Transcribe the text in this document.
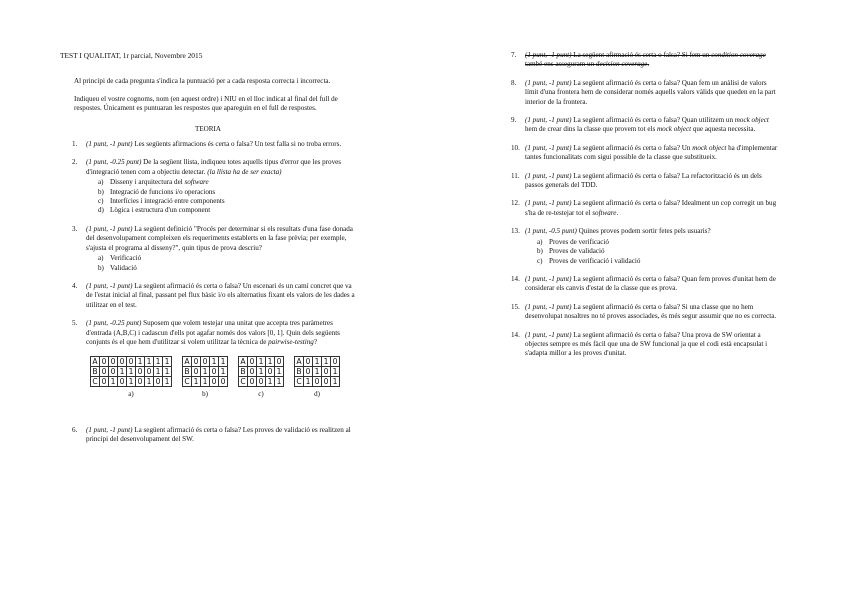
TEST I QUALITAT, 1r parcial, Novembre 2015
Al principi de cada pregunta s'indica la puntuació per a cada resposta correcta i incorrecta.
Indiqueu el vostre cognoms, nom (en aquest ordre) i NIU en el lloc indicat al final del full de respostes. Únicament es puntuaran les respostes que apareguin en el full de respostes.
TEORIA
1. (1 punt, -1 punt) Les següents afirmacions és certa o falsa? Un test falla si no troba errors.
2. (1 punt, -0.25 punt) De la següent llista, indiqueu totes aquells tipus d'error que les proves d'integració tenen com a objectiu detectar. (la llista ha de ser exacta)
a) Disseny i arquitectura del software
b) Integració de funcions i/o operacions
c) Interfícies i integració entre components
d) Lògica i estructura d'un component
3. (1 punt, -1 punt) La següent definició "Procés per determinar si els resultats d'una fase donada del desenvolupament compleixen els requeriments establerts en la fase prèvia; per exemple, s'ajusta el programa al disseny?", quin tipus de prova descriu?
a) Verificació
b) Validació
4. (1 punt, -1 punt) La següent afirmació és certa o falsa? Un escenari és un camí concret que va de l'estat inicial al final, passant pel flux bàsic i/o els alternatius fixant els valors de les dades a utilitzar en el test.
5. (1 punt, -0.25 punt) Suposem que volem testejar una unitat que accepta tres paràmetres d'entrada (A,B,C) i cadascun d'ells pot agafar només dos valors [0, 1]. Quin dels següents conjunts és el que hem d'utilitzar si volem utilitzar la tècnica de pairwise-testing?
A	0	0	0	0	1	1	1	1
B	0	0	1	1	0	0	1	1
C	0	1	0	1	0	1	0	1
a)
A	0	0	1	1
B	0	1	0	1
C	1	1	0	0
b)
A	0	1	1	0
B	0	1	0	1
C	0	0	1	1
c)
A	0	1	1	0
B	0	1	0	1
C	1	0	0	1
d)
6. (1 punt, -1 punt) La següent afirmació és certa o falsa? Les proves de validació es realitzen al principi del desenvolupament del SW.
7. (1 punt, -1 punt) La següent afirmació és certa o falsa? Si fem un condition coverage també ens asseguram un decision coverage.
8. (1 punt, -1 punt) La següent afirmació és certa o falsa? Quan fem un anàlisi de valors límit d'una frontera hem de considerar només aquells valors vàlids que queden en la part interior de la frontera.
9. (1 punt, -1 punt) La següent afirmació és certa o falsa? Quan utilitzem un mock object hem de crear dins la classe que provem tot els mock object que aquesta necessita.
10. (1 punt, -1 punt) La següent afirmació és certa o falsa? Un mock object ha d'implementar tantes funcionalitats com sigui possible de la classe que substitueix.
11. (1 punt, -1 punt) La següent afirmació és certa o falsa? La refactorització és un dels passos generals del TDD.
12. (1 punt, -1 punt) La següent afirmació és certa o falsa? Idealment un cop corregit un bug s'ha de re-testejar tot el software.
13. (1 punt, -0.5 punt) Quines proves podem sortir fetes pels usuaris?
a) Proves de verificació
b) Proves de validació
c) Proves de verificació i validació
14. (1 punt, -1 punt) La següent afirmació és certa o falsa? Quan fem proves d'unitat hem de considerar els canvis d'estat de la classe que es prova.
15. (1 punt, -1 punt) La següent afirmació és certa o falsa? Si una classe que no hem desenvolupat nosaltres no té proves associades, és més segur assumir que no es correcta.
14. (1 punt, -1 punt) La següent afirmació és certa o falsa? Una prova de SW orientat a objectes sempre es més fàcil que una de SW funcional ja que el codi està encapsulat i s'adapta millor a les proves d'unitat.
